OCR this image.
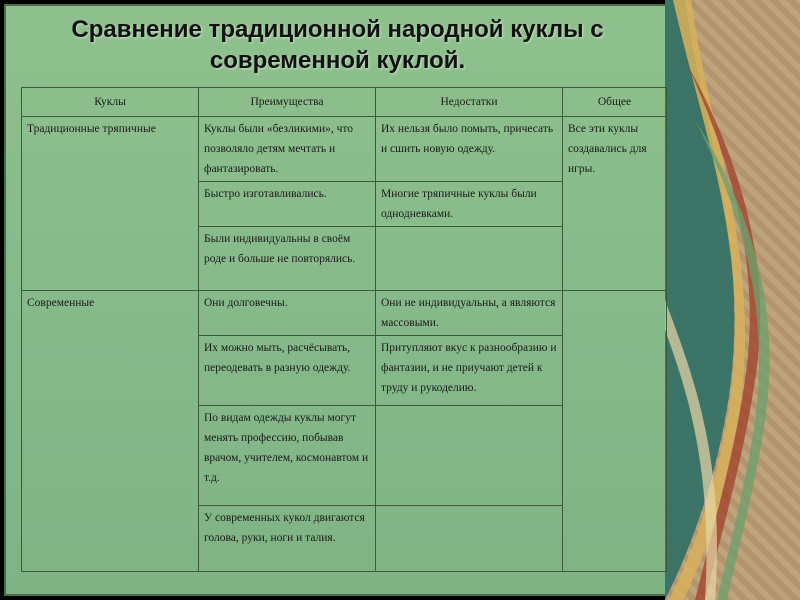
Сравнение традиционной народной куклы с
современной куклой.
Куклы	Преимущества	Недостатки	Общее
Традиционные тряпичные	Куклы были «безликими», что позволяло детям мечтать и фантазировать.	Их нельзя было помыть, причесать и сшить новую одежду.	Все эти куклы создавались для игры.
	Быстро изготавливались.	Многие тряпичные куклы были однодневками.	
	Были индивидуальны в своём роде и больше не повторялись.		
Современные	Они долговечны.	Они не индивидуальны, а являются массовыми.	
	Их можно мыть, расчёсывать, переодевать в разную одежду.	Притупляют вкус к разнообразию и фантазии, и не приучают детей к труду и рукоделию.	
	По видам одежды куклы могут менять профессию, побывав врачом, учителем, космонавтом и т.д.		
	У современных кукол двигаются голова, руки, ноги и талия.		
